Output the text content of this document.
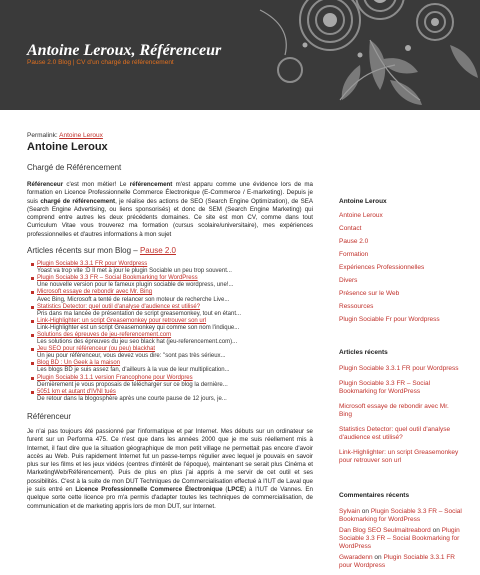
Antoine Leroux, Référenceur
Pause 2.0 Blog | CV d'un chargé de référencement
Permalink: Antoine Leroux
Antoine Leroux
Chargé de Référencement

Référenceur c'est mon métier! Le référencement m'est apparu comme une évidence lors de ma formation en Licence Professionnelle Commerce Électronique (E-Commerce / E-marketing). Depuis je suis chargé de référencement, je réalise des actions de SEO (Search Engine Optimization), de SEA (Search Engine Advertising, ou liens sponsorisés) et donc de SEM (Search Engine Marketing) qui comprend entre autres les deux précédents domaines. Ce site est mon CV, comme dans tout Curriculum Vitae vous trouverez ma formation (cursus scolaire/universitaire), mes expériences professionnelles et d'autres informations à mon sujet

Articles récents sur mon Blog – Pause 2.0
Plugin Sociable 3.3.1 FR pour Wordpress
Yoast va trop vite :D Il met à jour le plugin Sociable un peu trop souvent...
Plugin Sociable 3.3 FR – Social Bookmarking for WordPress
Une nouvelle version pour le fameux plugin sociable de wordpress, une!...
Microsoft essaye de rebondir avec Mr. Bing
Avec Bing, Microsoft a tenté de relancer son moteur de recherche Live...
Statistics Detector: quel outil d'analyse d'audience est utilisé?
Pris dans ma lancée de présentation de script greasemonkey, tout en étant...
Link-Highlighter: un script Greasemonkey pour retrouver son url
Link-Highlighter est un script Greasemonkey qui comme son nom l'indique...
Solutions des épreuves de jeu-referencement.com
Les solutions des épreuves du jeu seo black hat (jeu-referencement.com)...
Jeu SEO pour référenceur (ou peu) blackhat
Un jeu pour référenceur, vous devez vous dire: "sont pas très sérieux...
Blog BD : Un Geek à la maison
Les blogs BD je suis assez fan, d'ailleurs à la vue de leur multiplication...
Plugin Sociable 3.1.1 version Francophone pour Wordpres
Dernièrement je vous proposais de télécharger sur ce blog la dernière...
5051 km et autant d'IVNI tués
De retour dans la blogosphère après une courte pause de 12 jours, je...
Référenceur

Je n'ai pas toujours été passionné par l'informatique et par Internet. Mes débuts sur un ordinateur se furent sur un Performa 475. Ce n'est que dans les années 2000 que je me suis réellement mis à Internet, il faut dire que la situation géographique de mon petit village ne permettait pas encore d'avoir accès au Web. Puis rapidement Internet fut un passe-temps régulier avec lequel je pouvais en savoir plus sur les films et les jeux vidéos (centres d'intérêt de l'époque), maintenant se serait plus Cinéma et MarketingWeb/Référencement). Puis de plus en plus j'ai appris à me servir de cet outil et ses possibilités. C'est à la suite de mon DUT Techniques de Commercialisation effectué à l'IUT de Laval que je suis entré en Licence Professionnelle Commerce Électronique (LPCE) à l'IUT de Vannes. En quelque sorte cette licence pro m'a permis d'adapter toutes les techniques de commercialisation, de communication et de marketing appris lors de mon DUT, sur Internet.

Antoine Leroux
Antoine Leroux
Contact
Pause 2.0
Formation
Expériences Professionnelles
Divers
Présence sur le Web
Ressources
Plugin Sociable Fr pour Wordpress
Articles récents
Plugin Sociable 3.3.1 FR pour Wordpress
Plugin Sociable 3.3 FR – Social Bookmarking for WordPress
Microsoft essaye de rebondir avec Mr. Bing
Statistics Detector: quel outil d'analyse d'audience est utilisé?
Link-Highlighter: un script Greasemonkey pour retrouver son url
Commentaires récents
Sylvain on Plugin Sociable 3.3 FR – Social Bookmarking for WordPress
Dan Blog SEO Seulmaitreabord on Plugin Sociable 3.3 FR – Social Bookmarking for WordPress
Gwaradenn on Plugin Sociable 3.3.1 FR pour Wordpress
